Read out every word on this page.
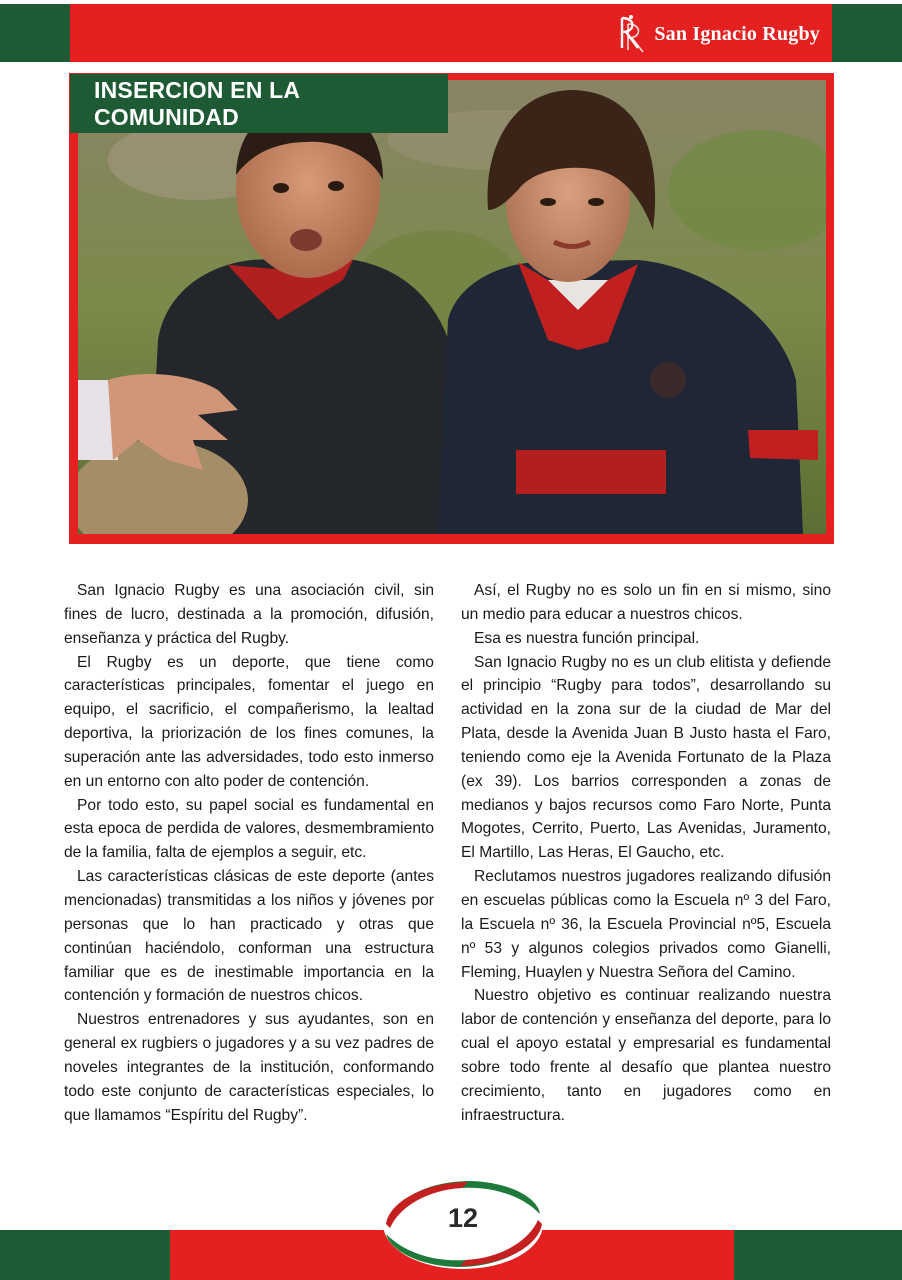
San Ignacio Rugby
INSERCION EN LA COMUNIDAD

San Ignacio Rugby es una asociación civil, sin fines de lucro, destinada a la promoción, difusión, enseñanza y práctica del Rugby.

El Rugby es un deporte, que tiene como características principales, fomentar el juego en equipo, el sacrificio, el compañerismo, la lealtad deportiva, la priorización de los fines comunes, la superación ante las adversidades, todo esto inmerso en un entorno con alto poder de contención.

Por todo esto, su papel social es fundamental en esta epoca de perdida de valores, desmembramiento de la familia, falta de ejemplos a seguir, etc.

Las características clásicas de este deporte (antes mencionadas) transmitidas a los niños y jóvenes por personas que lo han practicado y otras que continúan haciéndolo, conforman una estructura familiar que es de inestimable importancia en la contención y formación de nuestros chicos.

Nuestros entrenadores y sus ayudantes, son en general ex rugbiers o jugadores y a su vez padres de noveles integrantes de la institución, conformando todo este conjunto de características especiales, lo que llamamos “Espíritu del Rugby”.

Así, el Rugby no es solo un fin en si mismo, sino un medio para educar a nuestros chicos.

Esa es nuestra función principal.

San Ignacio Rugby no es un club elitista y defiende el principio “Rugby para todos”, desarrollando su actividad en la zona sur de la ciudad de Mar del Plata, desde la Avenida Juan B Justo hasta el Faro, teniendo como eje la Avenida Fortunato de la Plaza (ex 39). Los barrios corresponden a zonas de medianos y bajos recursos como Faro Norte, Punta Mogotes, Cerrito, Puerto, Las Avenidas, Juramento, El Martillo, Las Heras, El Gaucho, etc.

Reclutamos nuestros jugadores realizando difusión en escuelas públicas como la Escuela nº 3 del Faro, la Escuela nº 36, la Escuela Provincial nº5, Escuela nº 53 y algunos colegios privados como Gianelli, Fleming, Huaylen y Nuestra Señora del Camino.

Nuestro objetivo es continuar realizando nuestra labor de contención y enseñanza del deporte, para lo cual el apoyo estatal y empresarial es fundamental sobre todo frente al desafío que plantea nuestro crecimiento, tanto en jugadores como en infraestructura.

12
